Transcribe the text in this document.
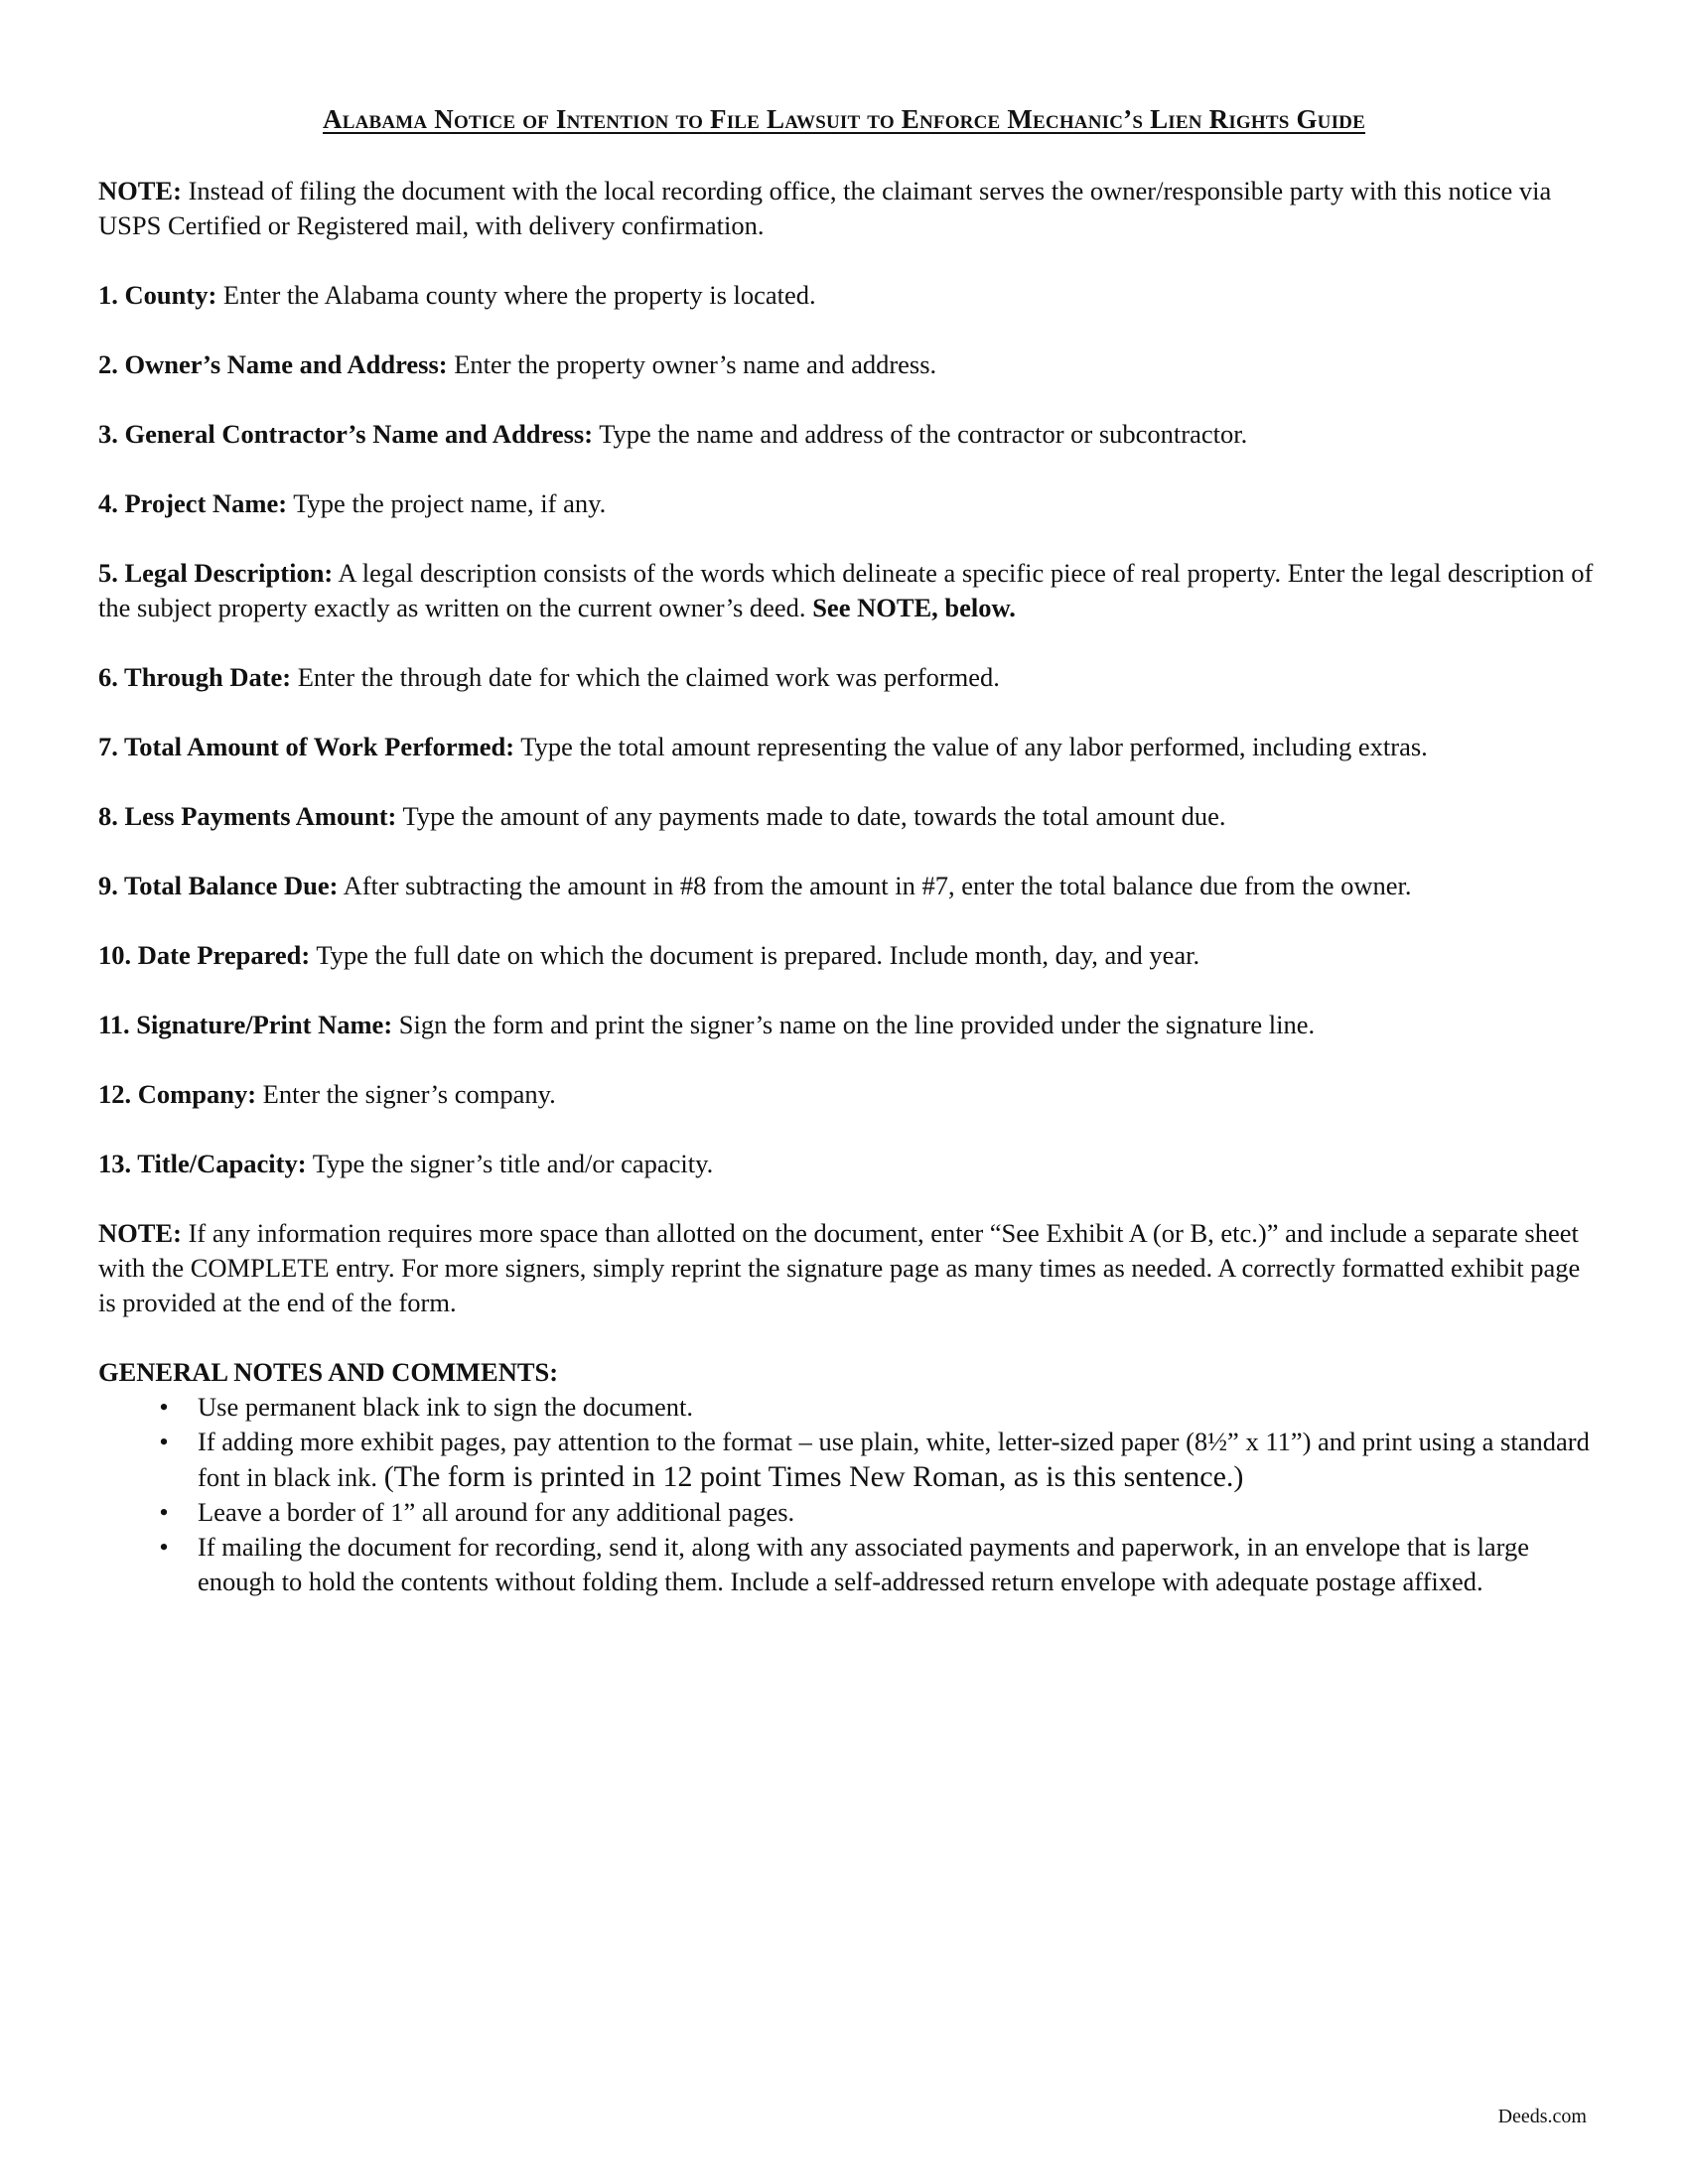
Alabama Notice of Intention to File Lawsuit to Enforce Mechanic’s Lien Rights Guide

NOTE: Instead of filing the document with the local recording office, the claimant serves the owner/responsible party with this notice via USPS Certified or Registered mail, with delivery confirmation.

1. County: Enter the Alabama county where the property is located.

2. Owner’s Name and Address: Enter the property owner’s name and address.

3. General Contractor’s Name and Address: Type the name and address of the contractor or subcontractor.

4. Project Name: Type the project name, if any.

5. Legal Description: A legal description consists of the words which delineate a specific piece of real property. Enter the legal description of the subject property exactly as written on the current owner’s deed. See NOTE, below.

6. Through Date: Enter the through date for which the claimed work was performed.

7. Total Amount of Work Performed: Type the total amount representing the value of any labor performed, including extras.

8. Less Payments Amount: Type the amount of any payments made to date, towards the total amount due.

9. Total Balance Due: After subtracting the amount in #8 from the amount in #7, enter the total balance due from the owner.

10. Date Prepared: Type the full date on which the document is prepared. Include month, day, and year.

11. Signature/Print Name: Sign the form and print the signer’s name on the line provided under the signature line.

12. Company: Enter the signer’s company.

13. Title/Capacity: Type the signer’s title and/or capacity.

NOTE: If any information requires more space than allotted on the document, enter “See Exhibit A (or B, etc.)” and include a separate sheet with the COMPLETE entry. For more signers, simply reprint the signature page as many times as needed. A correctly formatted exhibit page is provided at the end of the form.

GENERAL NOTES AND COMMENTS:

• Use permanent black ink to sign the document.
• If adding more exhibit pages, pay attention to the format – use plain, white, letter-sized paper (8½” x 11”) and print using a standard font in black ink. (The form is printed in 12 point Times New Roman, as is this sentence.)
• Leave a border of 1” all around for any additional pages.
• If mailing the document for recording, send it, along with any associated payments and paperwork, in an envelope that is large enough to hold the contents without folding them. Include a self-addressed return envelope with adequate postage affixed.
Deeds.com
